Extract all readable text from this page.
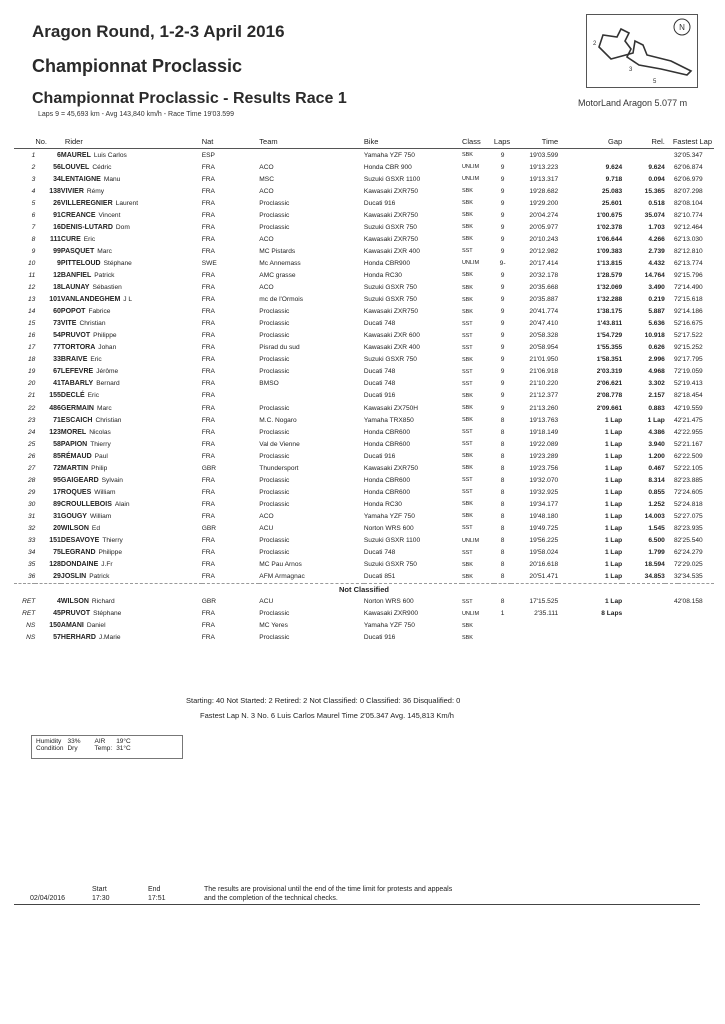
Aragon Round, 1-2-3 April 2016
Championnat Proclassic
Championnat Proclassic - Results Race 1
Laps 9 = 45,693 km - Avg 143,840 km/h - Race Time 19'03.599
N
2
3
5
MotorLand Aragon 5.077 m
	No.	Rider	Nat	Team	Bike	Class	Laps	Time	Gap	Rel.	Fastest Lap	
1	6	MAUREL Luis Carlos	ESP		Yamaha YZF 750	SBK	9	19'03.599			3	2'05.347
2	56	LOUVEL Cédric	FRA	ACO	Honda CBR 900	UNLIM	9	19'13.223	9.624	9.624	6	2'06.874
3	34	LENTAIGNE Manu	FRA	MSC	Suzuki GSXR 1100	UNLIM	9	19'13.317	9.718	0.094	6	2'06.979
4	138	VIVIER Rémy	FRA	ACO	Kawasaki ZXR750	SBK	9	19'28.682	25.083	15.365	8	2'07.298
5	26	VILLEREGNIER Laurent	FRA	Proclassic	Ducati 916	SBK	9	19'29.200	25.601	0.518	8	2'08.104
6	91	CREANCE Vincent	FRA	Proclassic	Kawasaki ZXR750	SBK	9	20'04.274	1'00.675	35.074	8	2'10.774
7	16	DENIS-LUTARD Dom	FRA	Proclassic	Suzuki GSXR 750	SBK	9	20'05.977	1'02.378	1.703	9	2'12.464
8	111	CURE Eric	FRA	ACO	Kawasaki ZXR750	SBK	9	20'10.243	1'06.644	4.266	6	2'13.030
9	99	PASQUET Marc	FRA	MC Pistards	Kawasaki ZXR 400	SST	9	20'12.982	1'09.383	2.739	8	2'12.810
10	9	PITTELOUD Stéphane	SWE	Mc Annemass	Honda CBR900	UNLIM	9-	20'17.414	1'13.815	4.432	6	2'13.774
11	12	BANFIEL Patrick	FRA	AMC grasse	Honda RC30	SBK	9	20'32.178	1'28.579	14.764	9	2'15.796
12	18	LAUNAY Sébastien	FRA	ACO	Suzuki GSXR 750	SBK	9	20'35.668	1'32.069	3.490	7	2'14.490
13	101	VANLANDEGHEM J L	FRA	mc de l'Ormois	Suzuki GSXR 750	SBK	9	20'35.887	1'32.288	0.219	7	2'15.618
14	60	POPOT Fabrice	FRA	Proclassic	Kawasaki ZXR750	SBK	9	20'41.774	1'38.175	5.887	9	2'14.186
15	73	VITE Christian	FRA	Proclassic	Ducati 748	SST	9	20'47.410	1'43.811	5.636	5	2'16.675
16	54	PRUVOT Philippe	FRA	Proclassic	Kawasaki ZXR 600	SST	9	20'58.328	1'54.729	10.918	5	2'17.522
17	77	TORTORA Johan	FRA	Pisrad du sud	Kawasaki ZXR 400	SST	9	20'58.954	1'55.355	0.626	9	2'15.252
18	33	BRAIVE Eric	FRA	Proclassic	Suzuki GSXR 750	SBK	9	21'01.950	1'58.351	2.996	9	2'17.795
19	67	LEFEVRE Jérôme	FRA	Proclassic	Ducati 748	SST	9	21'06.918	2'03.319	4.968	7	2'19.059
20	41	TABARLY Bernard	FRA	BMSO	Ducati 748	SST	9	21'10.220	2'06.621	3.302	5	2'19.413
21	155	DECLÉ Eric	FRA		Ducati 916	SBK	9	21'12.377	2'08.778	2.157	8	2'18.454
22	486	GERMAIN Marc	FRA	Proclassic	Kawasaki ZX750H	SBK	9	21'13.260	2'09.661	0.883	4	2'19.559
23	71	ESCAICH Christian	FRA	M.C. Nogaro	Yamaha TRX850	SBK	8	19'13.763	1 Lap	1 Lap	4	2'21.475
24	123	MOREL Nicolas	FRA	Proclassic	Honda CBR600	SST	8	19'18.149	1 Lap	4.386	4	2'22.955
25	58	PAPION Thierry	FRA	Val de Vienne	Honda CBR600	SST	8	19'22.089	1 Lap	3.940	5	2'21.167
26	85	RÉMAUD Paul	FRA	Proclassic	Ducati 916	SBK	8	19'23.289	1 Lap	1.200	6	2'22.509
27	72	MARTIN Philip	GBR	Thundersport	Kawasaki ZXR750	SBK	8	19'23.756	1 Lap	0.467	5	2'22.105
28	95	GAIGEARD Sylvain	FRA	Proclassic	Honda CBR600	SST	8	19'32.070	1 Lap	8.314	8	2'23.885
29	17	ROQUES William	FRA	Proclassic	Honda CBR600	SST	8	19'32.925	1 Lap	0.855	7	2'24.605
30	89	CROULLEBOIS Alain	FRA	Proclassic	Honda RC30	SBK	8	19'34.177	1 Lap	1.252	5	2'24.818
31	31	GOUGY William	FRA	ACO	Yamaha YZF 750	SBK	8	19'48.180	1 Lap	14.003	5	2'27.075
32	20	WILSON Ed	GBR	ACU	Norton WRS 600	SST	8	19'49.725	1 Lap	1.545	8	2'23.935
33	151	DESAVOYE Thierry	FRA	Proclassic	Suzuki GSXR 1100	UNLIM	8	19'56.225	1 Lap	6.500	8	2'25.540
34	75	LEGRAND Philippe	FRA	Proclassic	Ducati 748	SST	8	19'58.024	1 Lap	1.799	6	2'24.279
35	128	DONDAINE J.Fr	FRA	MC Pau Arnos	Suzuki GSXR 750	SBK	8	20'16.618	1 Lap	18.594	7	2'29.025
36	29	JOSLIN Patrick	FRA	AFM Armagnac	Ducati 851	SBK	8	20'51.471	1 Lap	34.853	3	2'34.535
Not Classified												
RET	4	WILSON Richard	GBR	ACU	Norton WRS 600	SST	8	17'15.525	1 Lap		4	2'08.158
RET	45	PRUVOT Stéphane	FRA	Proclassic	Kawasaki ZXR900	UNLIM	1	2'35.111	8 Laps			
NS	150	AMANI Daniel	FRA	MC Yeres	Yamaha YZF 750	SBK						
NS	57	HERHARD J.Marie	FRA	Proclassic	Ducati 916	SBK						
Starting: 40 Not Started: 2 Retired: 2 Not Classified: 0 Classified: 36 Disqualified: 0
Fastest Lap N. 3 No. 6 Luis Carlos Maurel Time 2'05.347 Avg. 145,813 Km/h
Humidity	33%	AIR	19°C
Condition	Dry	Temp:	31°C
Start	End	The results are provisional until the end of the time limit for protests and appeals
02/04/2016	17:30	17:51	and the completion of the technical checks.
